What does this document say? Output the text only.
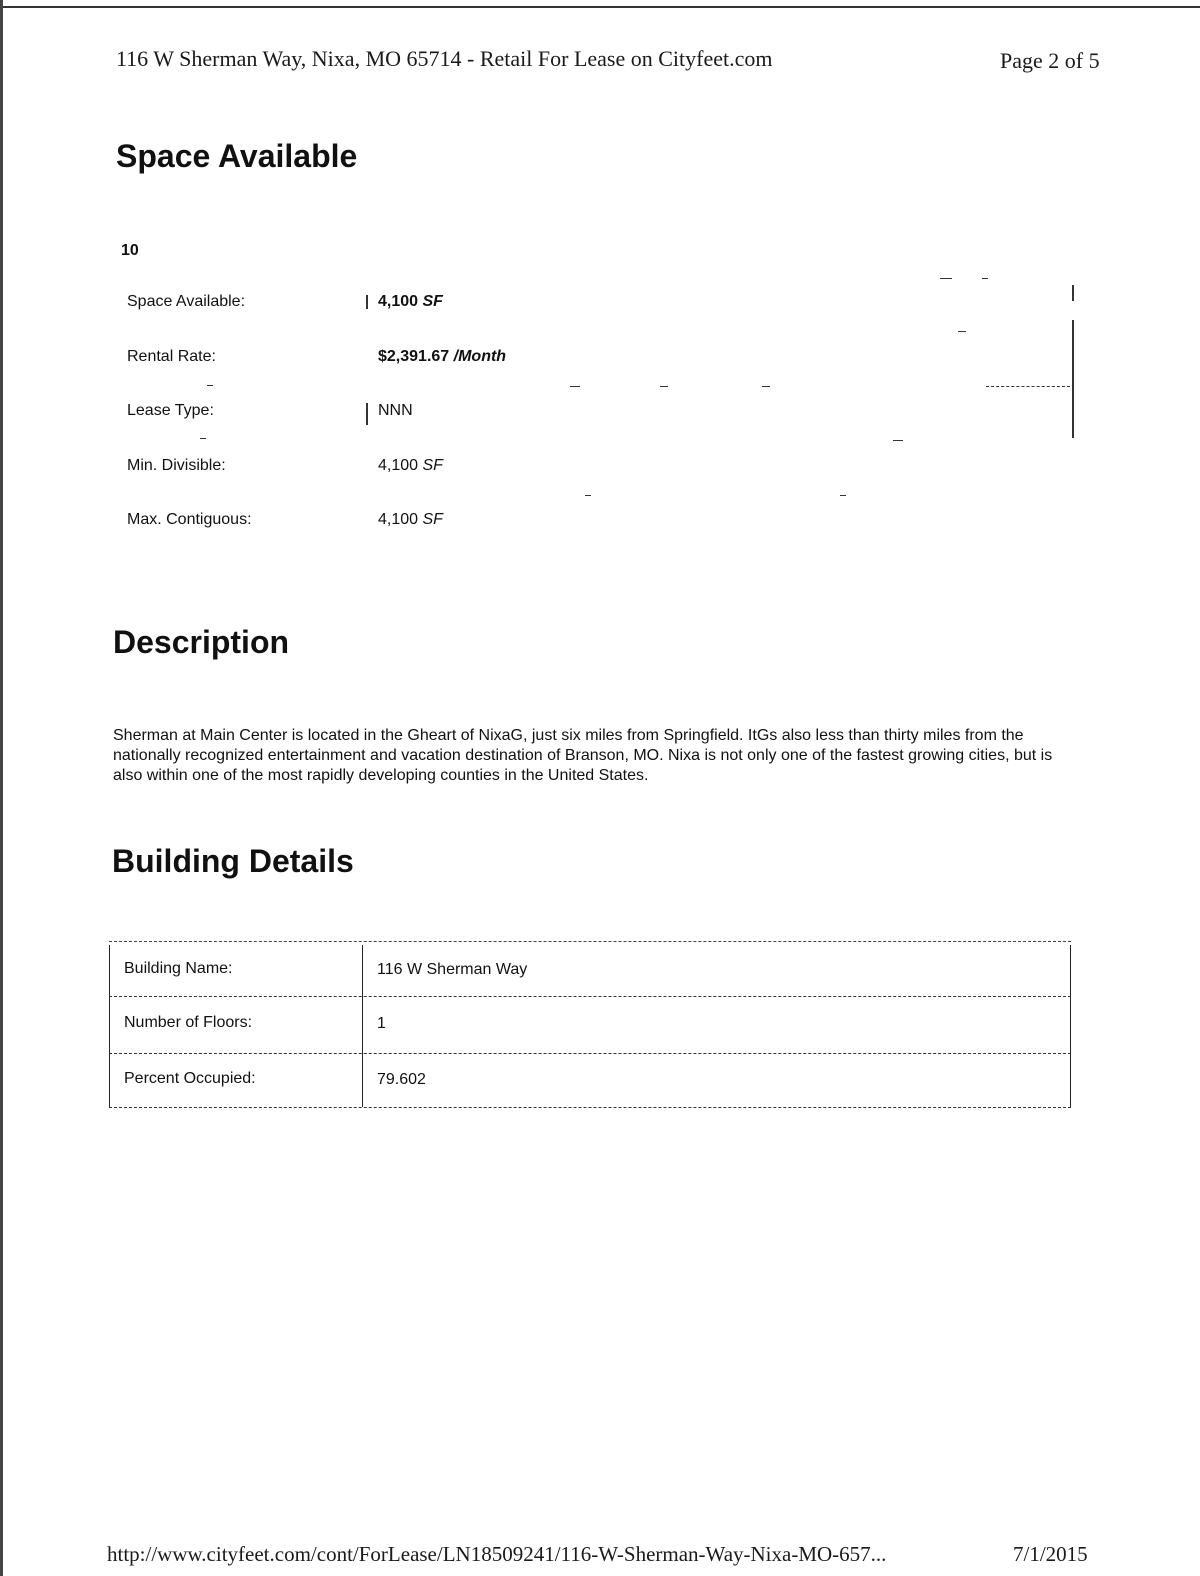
116 W Sherman Way, Nixa, MO 65714 - Retail For Lease on Cityfeet.com	Page 2 of 5
Space Available
10
Space Available:	4,100 SF
Rental Rate:	$2,391.67 /Month
Lease Type:	NNN
Min. Divisible:	4,100 SF
Max. Contiguous:	4,100 SF
Description

Sherman at Main Center is located in the Gheart of NixaG, just six miles from Springfield. ItGs also less than thirty miles from the nationally recognized entertainment and vacation destination of Branson, MO. Nixa is not only one of the fastest growing cities, but is also within one of the most rapidly developing counties in the United States.

Building Details
Building Name:	116 W Sherman Way
Number of Floors:	1
Percent Occupied:	79.602
http://www.cityfeet.com/cont/ForLease/LN18509241/116-W-Sherman-Way-Nixa-MO-657...	7/1/2015
